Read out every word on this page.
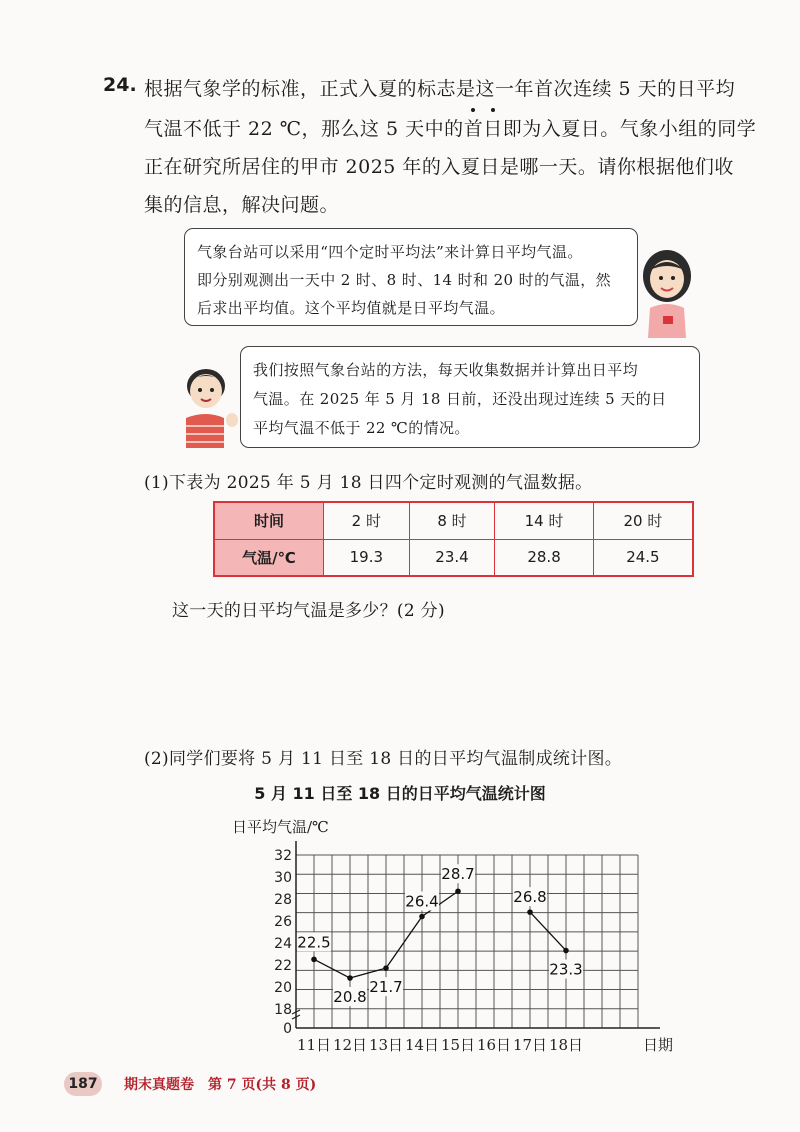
24. 根据气象学的标准，正式入夏的标志是这一年首次连续 5 天的日平均
气温不低于 22 ℃，那么这 5 天中的首日即为入夏日。气象小组的同学
正在研究所居住的甲市 2025 年的入夏日是哪一天。请你根据他们收
集的信息，解决问题。
气象台站可以采用“四个定时平均法”来计算日平均气温。
即分别观测出一天中 2 时、8 时、14 时和 20 时的气温，然
后求出平均值。这个平均值就是日平均气温。
我们按照气象台站的方法，每天收集数据并计算出日平均
气温。在 2025 年 5 月 18 日前，还没出现过连续 5 天的日
平均气温不低于 22 ℃的情况。
(1)下表为 2025 年 5 月 18 日四个定时观测的气温数据。
时间	2 时	8 时	14 时	20 时
气温/℃	19.3	23.4	28.8	24.5
这一天的日平均气温是多少？(2 分)
(2)同学们要将 5 月 11 日至 18 日的日平均气温制成统计图。
5 月 11 日至 18 日的日平均气温统计图
日平均气温/℃
32
30
28
26
24
22
20
18
0
11日 12日 13日 14日 15日 16日 17日 18日	日期
22.5
20.8
21.7
26.4
28.7
26.8
23.3
187	期末真题卷　第 7 页(共 8 页)
